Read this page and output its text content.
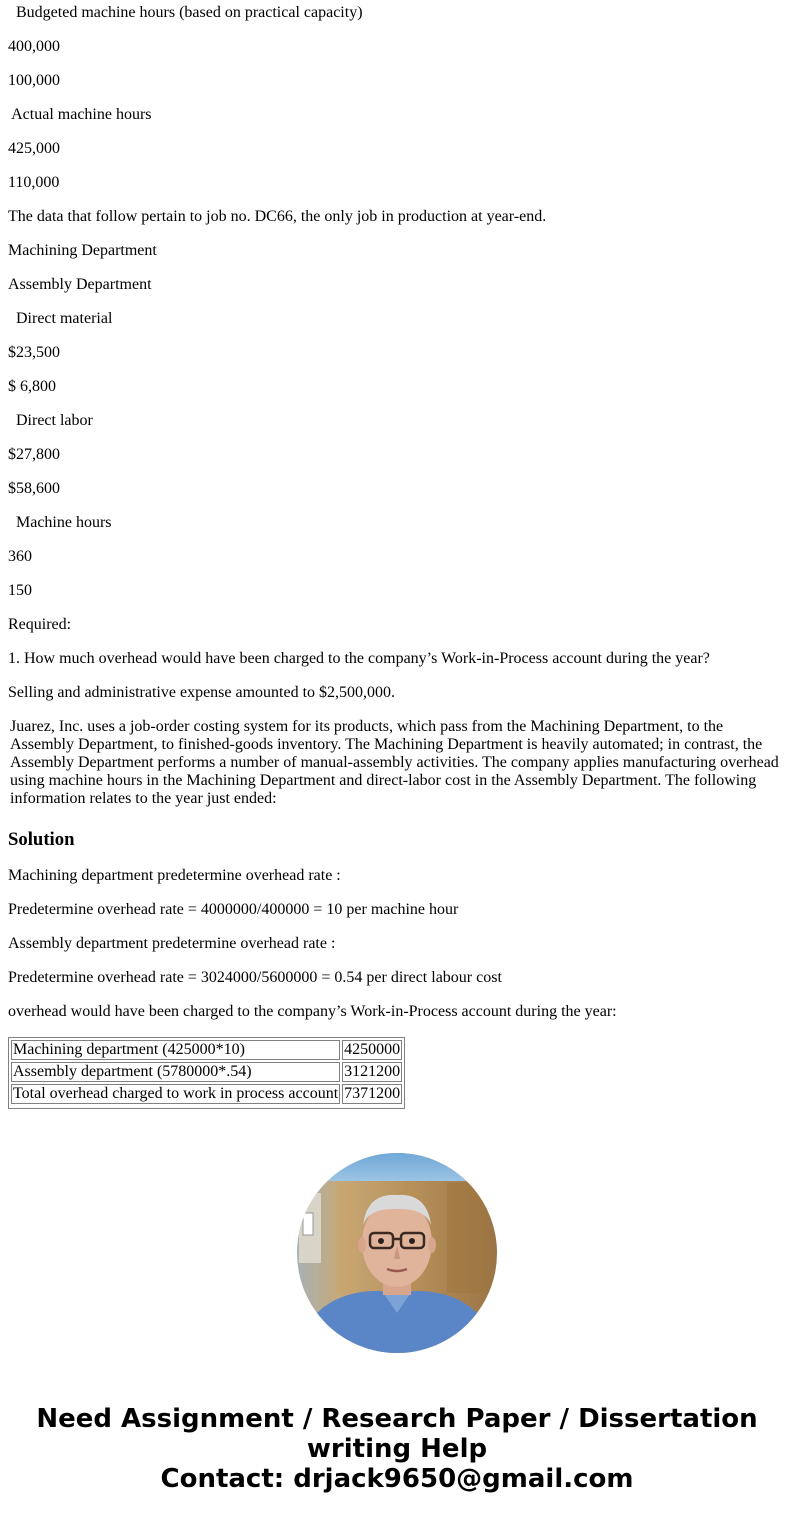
Budgeted machine hours (based on practical capacity)

400,000

100,000

Actual machine hours

425,000

110,000

The data that follow pertain to job no. DC66, the only job in production at year-end.

Machining Department

Assembly Department

Direct material

$23,500

$ 6,800

Direct labor

$27,800

$58,600

Machine hours

360

150

Required:

1. How much overhead would have been charged to the company’s Work-in-Process account during the year?

Selling and administrative expense amounted to $2,500,000.

Juarez, Inc. uses a job-order costing system for its products, which pass from the Machining Department, to the Assembly Department, to finished-goods inventory. The Machining Department is heavily automated; in contrast, the Assembly Department performs a number of manual-assembly activities. The company applies manufacturing overhead using machine hours in the Machining Department and direct-labor cost in the Assembly Department. The following information relates to the year just ended:

Solution

Machining department predetermine overhead rate :

Predetermine overhead rate = 4000000/400000 = 10 per machine hour

Assembly department predetermine overhead rate :

Predetermine overhead rate = 3024000/5600000 = 0.54 per direct labour cost

overhead would have been charged to the company’s Work-in-Process account during the year:

Machining department (425000*10)	4250000
Assembly department (5780000*.54)	3121200
Total overhead charged to work in process account	7371200

Need Assignment / Research Paper / Dissertation
writing Help
Contact: drjack9650@gmail.com
